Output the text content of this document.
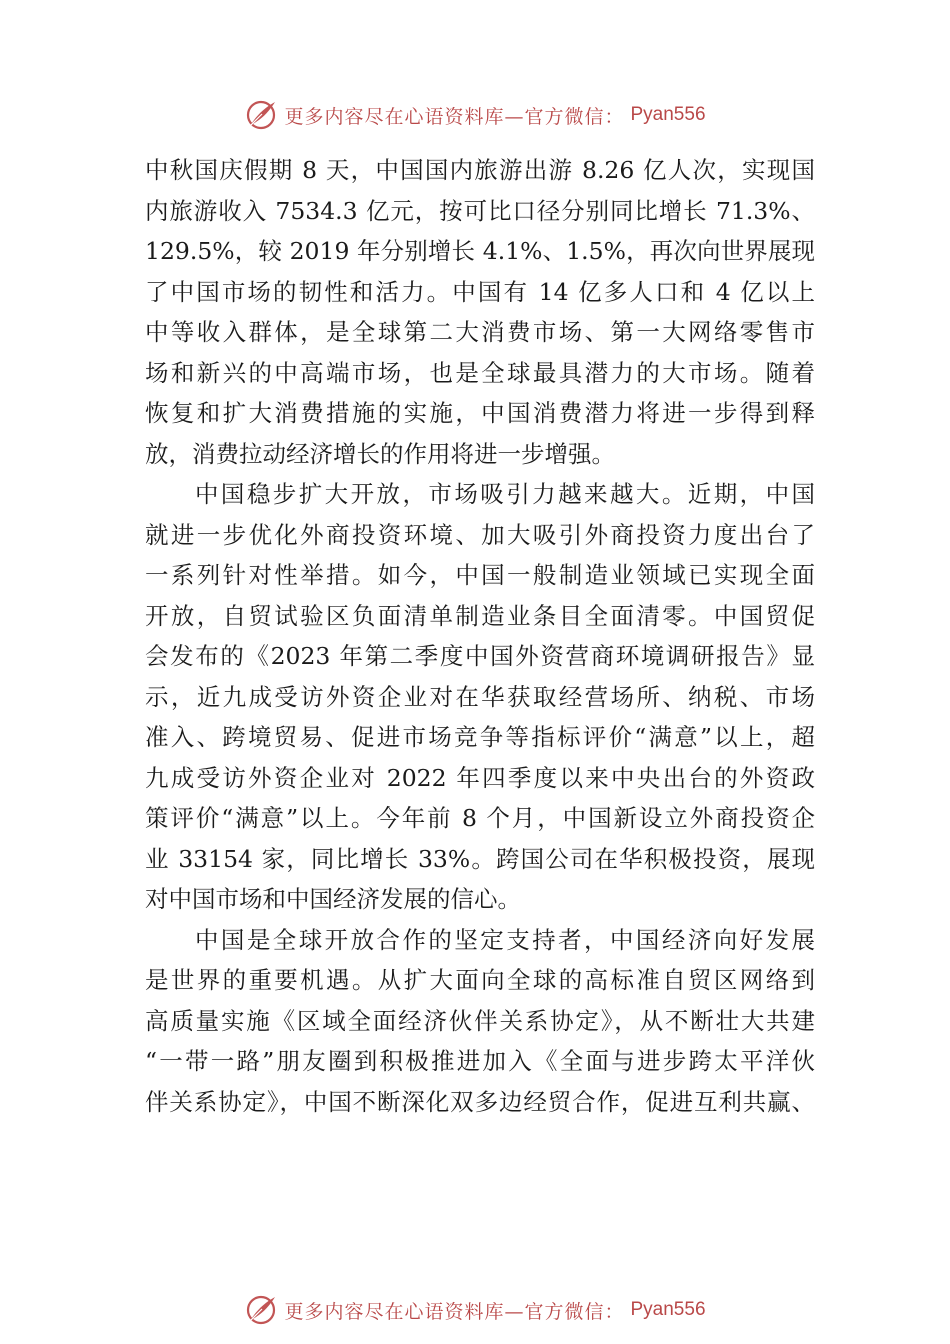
更多内容尽在心语资料库—官方微信： Pyan556
中秋国庆假期 8 天，中国国内旅游出游 8.26 亿人次，实现国
内旅游收入 7534.3 亿元，按可比口径分别同比增长 71.3%、
129.5%，较 2019 年分别增长 4.1%、1.5%，再次向世界展现
了中国市场的韧性和活力。中国有 14 亿多人口和 4 亿以上
中等收入群体，是全球第二大消费市场、第一大网络零售市
场和新兴的中高端市场，也是全球最具潜力的大市场。随着
恢复和扩大消费措施的实施，中国消费潜力将进一步得到释
放，消费拉动经济增长的作用将进一步增强。
中国稳步扩大开放，市场吸引力越来越大。近期，中国
就进一步优化外商投资环境、加大吸引外商投资力度出台了
一系列针对性举措。如今，中国一般制造业领域已实现全面
开放，自贸试验区负面清单制造业条目全面清零。中国贸促
会发布的《2023 年第二季度中国外资营商环境调研报告》显
示，近九成受访外资企业对在华获取经营场所、纳税、市场
准入、跨境贸易、促进市场竞争等指标评价“满意”以上，超
九成受访外资企业对 2022 年四季度以来中央出台的外资政
策评价“满意”以上。今年前 8 个月，中国新设立外商投资企
业 33154 家，同比增长 33%。跨国公司在华积极投资，展现
对中国市场和中国经济发展的信心。
中国是全球开放合作的坚定支持者，中国经济向好发展
是世界的重要机遇。从扩大面向全球的高标准自贸区网络到
高质量实施《区域全面经济伙伴关系协定》，从不断壮大共建
“一带一路”朋友圈到积极推进加入《全面与进步跨太平洋伙
伴关系协定》，中国不断深化双多边经贸合作，促进互利共赢、
更多内容尽在心语资料库—官方微信： Pyan556
